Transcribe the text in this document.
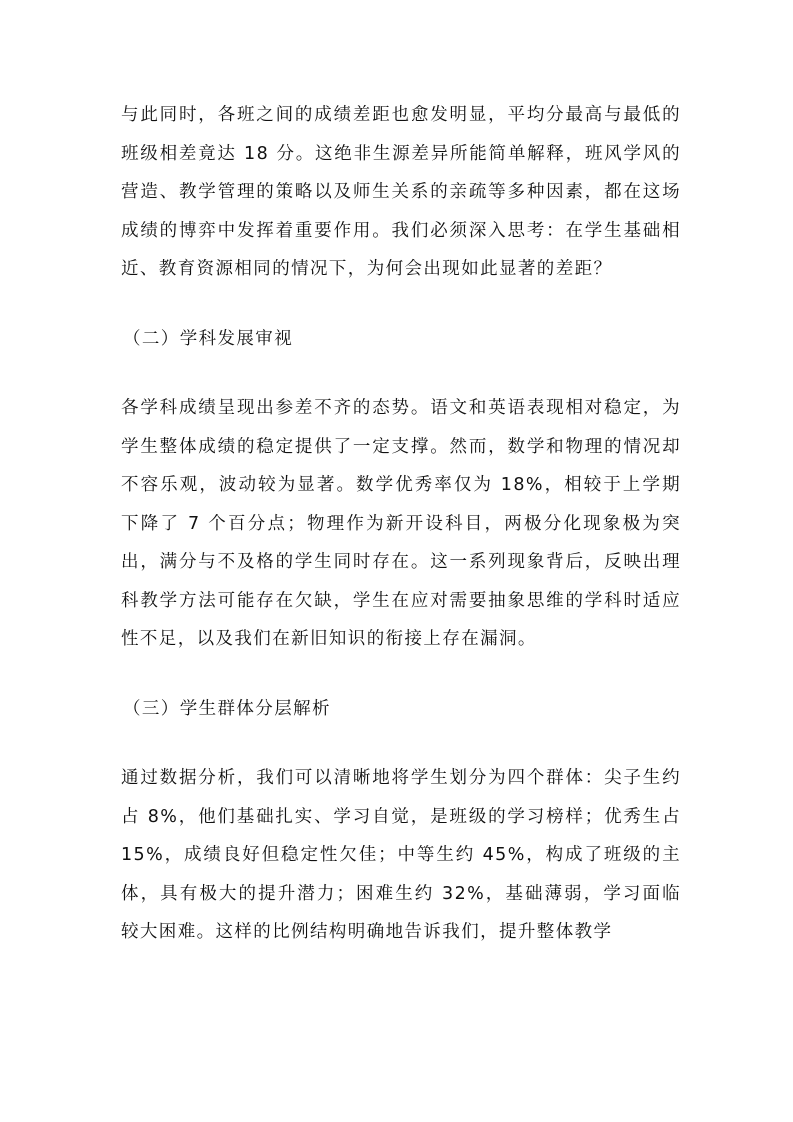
与此同时，各班之间的成绩差距也愈发明显，平均分最高与最低的班级相差竟达 18 分。这绝非生源差异所能简单解释，班风学风的营造、教学管理的策略以及师生关系的亲疏等多种因素，都在这场成绩的博弈中发挥着重要作用。我们必须深入思考：在学生基础相近、教育资源相同的情况下，为何会出现如此显著的差距？

（二）学科发展审视

各学科成绩呈现出参差不齐的态势。语文和英语表现相对稳定，为学生整体成绩的稳定提供了一定支撑。然而，数学和物理的情况却不容乐观，波动较为显著。数学优秀率仅为 18%，相较于上学期下降了 7 个百分点；物理作为新开设科目，两极分化现象极为突出，满分与不及格的学生同时存在。这一系列现象背后，反映出理科教学方法可能存在欠缺，学生在应对需要抽象思维的学科时适应性不足，以及我们在新旧知识的衔接上存在漏洞。

（三）学生群体分层解析

通过数据分析，我们可以清晰地将学生划分为四个群体：尖子生约占 8%，他们基础扎实、学习自觉，是班级的学习榜样；优秀生占 15%，成绩良好但稳定性欠佳；中等生约 45%，构成了班级的主体，具有极大的提升潜力；困难生约 32%，基础薄弱，学习面临较大困难。这样的比例结构明确地告诉我们，提升整体教学
